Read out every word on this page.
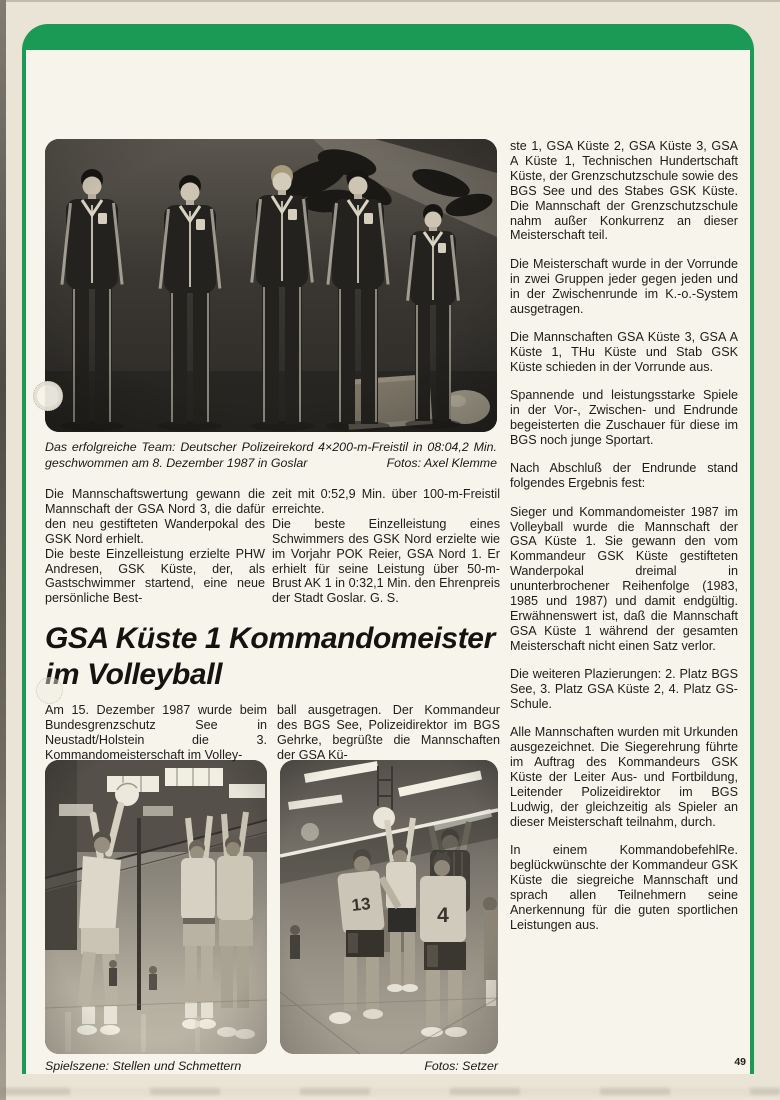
Das erfolgreiche Team: Deutscher Polizeirekord 4×200-m-Freistil in 08:04,2 Min.
geschwommen am 8. Dezember 1987 in Goslar	Fotos: Axel Klemme

Die Mannschaftswertung gewann die Mannschaft der GSA Nord 3, die dafür den neu gestifteten Wanderpokal des GSK Nord erhielt.

Die beste Einzelleistung erzielte PHW Andresen, GSK Küste, der, als Gastschwimmer startend, eine neue persönliche Best-

zeit mit 0:52,9 Min. über 100-m-Freistil erreichte.

Die beste Einzelleistung eines Schwimmers des GSK Nord erzielte wie im Vorjahr POK Reier, GSA Nord 1. Er erhielt für seine Leistung über 50-m-Brust AK 1 in 0:32,1 Min. den Ehrenpreis der Stadt Goslar. G. S.

GSA Küste 1 Kommandomeister
im Volleyball

Am 15. Dezember 1987 wurde beim Bundesgrenzschutz See in Neustadt/Holstein die 3. Kommandomeisterschaft im Volley-

ball ausgetragen. Der Kommandeur des BGS See, Polizeidirektor im BGS Gehrke, begrüßte die Mannschaften der GSA Kü-

Spielszene: Stellen und Schmettern	Fotos: Setzer

ste 1, GSA Küste 2, GSA Küste 3, GSA A Küste 1, Technischen Hundertschaft Küste, der Grenzschutzschule sowie des BGS See und des Stabes GSK Küste. Die Mannschaft der Grenzschutzschule nahm außer Konkurrenz an dieser Meisterschaft teil.

Die Meisterschaft wurde in der Vorrunde in zwei Gruppen jeder gegen jeden und in der Zwischenrunde im K.-o.-System ausgetragen.

Die Mannschaften GSA Küste 3, GSA A Küste 1, THu Küste und Stab GSK Küste schieden in der Vorrunde aus.

Spannende und leistungsstarke Spiele in der Vor-, Zwischen- und Endrunde begeisterten die Zuschauer für diese im BGS noch junge Sportart.

Nach Abschluß der Endrunde stand folgendes Ergebnis fest:

Sieger und Kommandomeister 1987 im Volleyball wurde die Mannschaft der GSA Küste 1. Sie gewann den vom Kommandeur GSK Küste gestifteten Wanderpokal dreimal in ununterbrochener Reihenfolge (1983, 1985 und 1987) und damit endgültig. Erwähnenswert ist, daß die Mannschaft GSA Küste 1 während der gesamten Meisterschaft nicht einen Satz verlor.

Die weiteren Plazierungen: 2. Platz BGS See, 3. Platz GSA Küste 2, 4. Platz GS-Schule.

Alle Mannschaften wurden mit Urkunden ausgezeichnet. Die Siegerehrung führte im Auftrag des Kommandeurs GSK Küste der Leiter Aus- und Fortbildung, Leitender Polizeidirektor im BGS Ludwig, der gleichzeitig als Spieler an dieser Meisterschaft teilnahm, durch.

Re.
In einem Kommandobefehl beglückwünschte der Kommandeur GSK Küste die siegreiche Mannschaft und sprach allen Teilnehmern seine Anerkennung für die guten sportlichen Leistungen aus.

49
